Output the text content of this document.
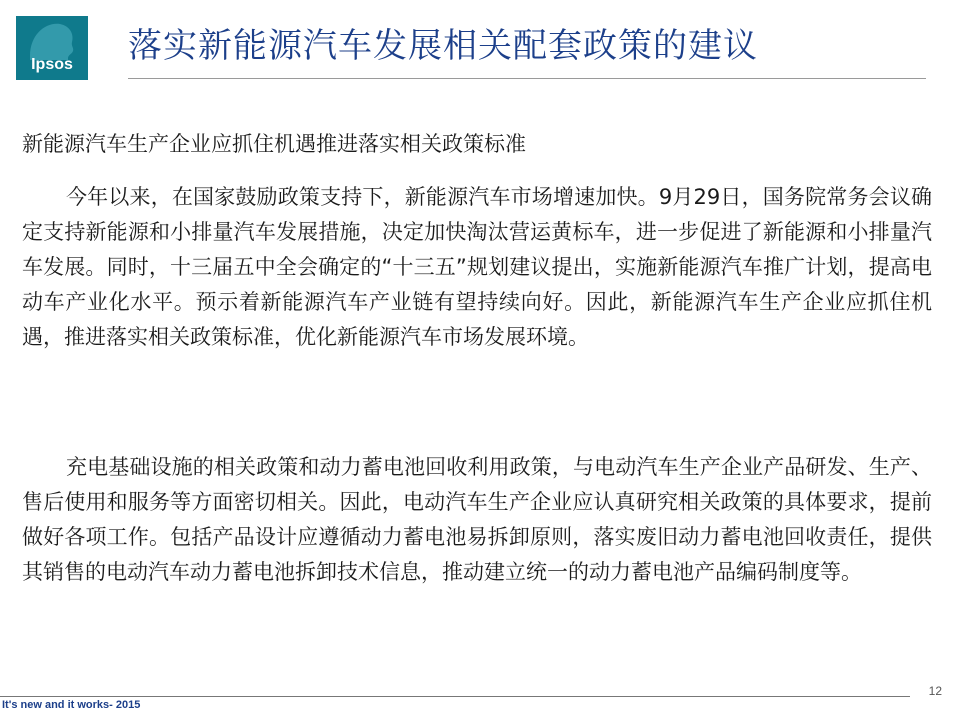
Ipsos	落实新能源汽车发展相关配套政策的建议
新能源汽车生产企业应抓住机遇推进落实相关政策标准
今年以来，在国家鼓励政策支持下，新能源汽车市场增速加快。9月29日，国务院常务会议确定支持新能源和小排量汽车发展措施，决定加快淘汰营运黄标车，进一步促进了新能源和小排量汽车发展。同时，十三届五中全会确定的“十三五”规划建议提出，实施新能源汽车推广计划，提高电动车产业化水平。预示着新能源汽车产业链有望持续向好。因此，新能源汽车生产企业应抓住机遇，推进落实相关政策标准，优化新能源汽车市场发展环境。
充电基础设施的相关政策和动力蓄电池回收利用政策，与电动汽车生产企业产品研发、生产、售后使用和服务等方面密切相关。因此，电动汽车生产企业应认真研究相关政策的具体要求，提前做好各项工作。包括产品设计应遵循动力蓄电池易拆卸原则，落实废旧动力蓄电池回收责任，提供其销售的电动汽车动力蓄电池拆卸技术信息，推动建立统一的动力蓄电池产品编码制度等。
12
It's new and it works- 2015
